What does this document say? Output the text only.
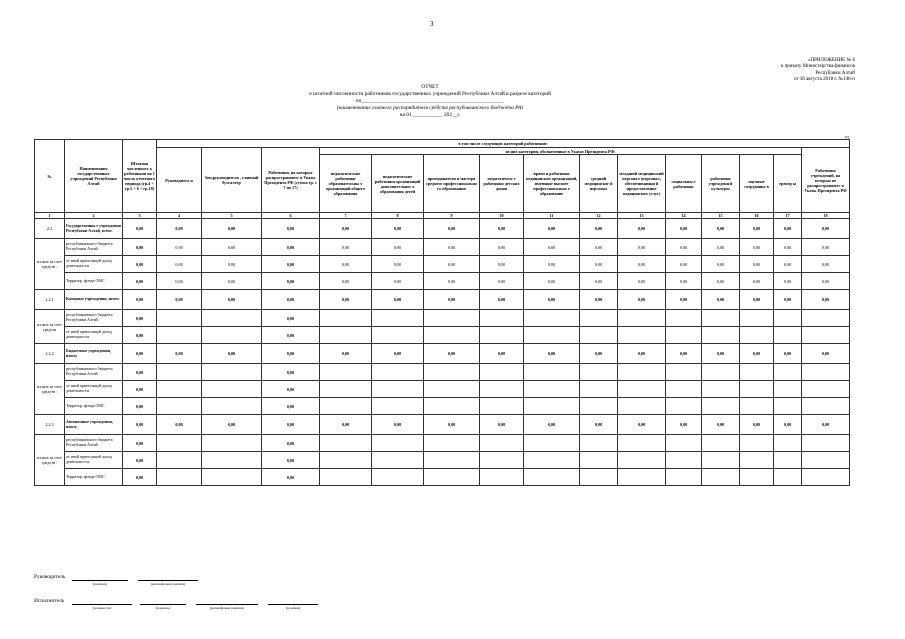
3
«ПРИЛОЖЕНИЕ № 6
к приказу Министерства финансов
Республики Алтай
от 30 августа 2018 г. №146-п
ОТЧЕТ
о штатной численности работников государственных учреждений Республики Алтай в разрезе категорий
по_____________________________________________________
(наименование главного распорядителя средств республиканского бюджета РА)
на 01 ___________ 202__г.
ед.
№	Наименование государственных учреждений Республики Алтай	Штатная численност ь работников на 1 число отчетного периода (гр.4 + гр.5 + 6 + гр.18)	в том числе следующих категорий работников:														
			Руководител и	Зам.руководителя , главный бухгалтер	Работники, на которых распространяютс я Указы Президента РФ (сумма гр. с 7 по 17)	из них категории, обозначенные в Указах Президента РФ:											Работники учреждений, на которых не распространяютс я Указы Президента РФ
						педагогические работники образовательны х организаций общего образования	педагогические работники организаций дополнительног о образования детей	преподаватели и мастера среднего профессионально го образования	педагогическ е работники детских домов	врачи и работники медицинских организаций, имеющие высшее профессионально е образование	средний медицинског й персонал	младший медицинский персонал (персонал, обеспечивающи й предоставление медицинских услуг)	социальны е работники	работники учреждени й культуры	научные сотруднико в	тренер ы	
1	2	3	4	5	6	7	8	9	10	11	12	13	14	15	16	17	18
2.2	Государственны е учреждения Республики Алтай, всего:	0,00	0,00	0,00	0,00	0,00	0,00	0,00	0,00	0,00	0,00	0,00	0,00	0,00	0,00	0,00	0,00
из них за счет средств :	республиканского бюджета Республики Алтай	0,00	0,00	0,00	0,00	0,00	0,00	0,00	0,00	0,00	0,00	0,00	0,00	0,00	0,00	0,00	0,00
	от иной приносящей доход деятельности	0,00	0,00	0,00	0,00	0,00	0,00	0,00	0,00	0,00	0,00	0,00	0,00	0,00	0,00	0,00	0,00
	Территор. фонда ОМС	0,00	0,00	0,00	0,00	0,00	0,00	0,00	0,00	0,00	0,00	0,00	0,00	0,00	0,00	0,00	0,00
2.2.1	Казенные учреждения, итого:	0,00	0,00	0,00	0,00	0,00	0,00	0,00	0,00	0,00	0,00	0,00	0,00	0,00	0,00	0,00	0,00
из них за счет средств	республиканского бюджета Республики Алтай	0,00			0,00												
	от иной приносящей доход деятельности	0,00			0,00												
2.2.2	Бюджетные учреждения, итого:	0,00	0,00	0,00	0,00	0,00	0,00	0,00	0,00	0,00	0,00	0,00	0,00	0,00	0,00	0,00	0,00
из них за счет средств :	республиканского бюджета Республики Алтай	0,00			0,00												
	от иной приносящей доход деятельности	0,00			0,00												
	Территор. фонда ОМС	0,00			0,00												
2.2.3	Автономные учреждения, итого:	0,00	0,00	0,00	0,00	0,00	0,00	0,00	0,00	0,00	0,00	0,00	0,00	0,00	0,00	0,00	0,00
из них за счет средств :	республиканского бюджета Республики Алтай	0,00			0,00												
	от иной приносящей доход деятельности	0,00			0,00												
	Территор. фонда ОМС	0,00			0,00												
Руководитель
(подпись)	(расшифровка подписи)
Исполнитель
(должность)	(подпись)	(расшифровка подписи)	(телефон)
